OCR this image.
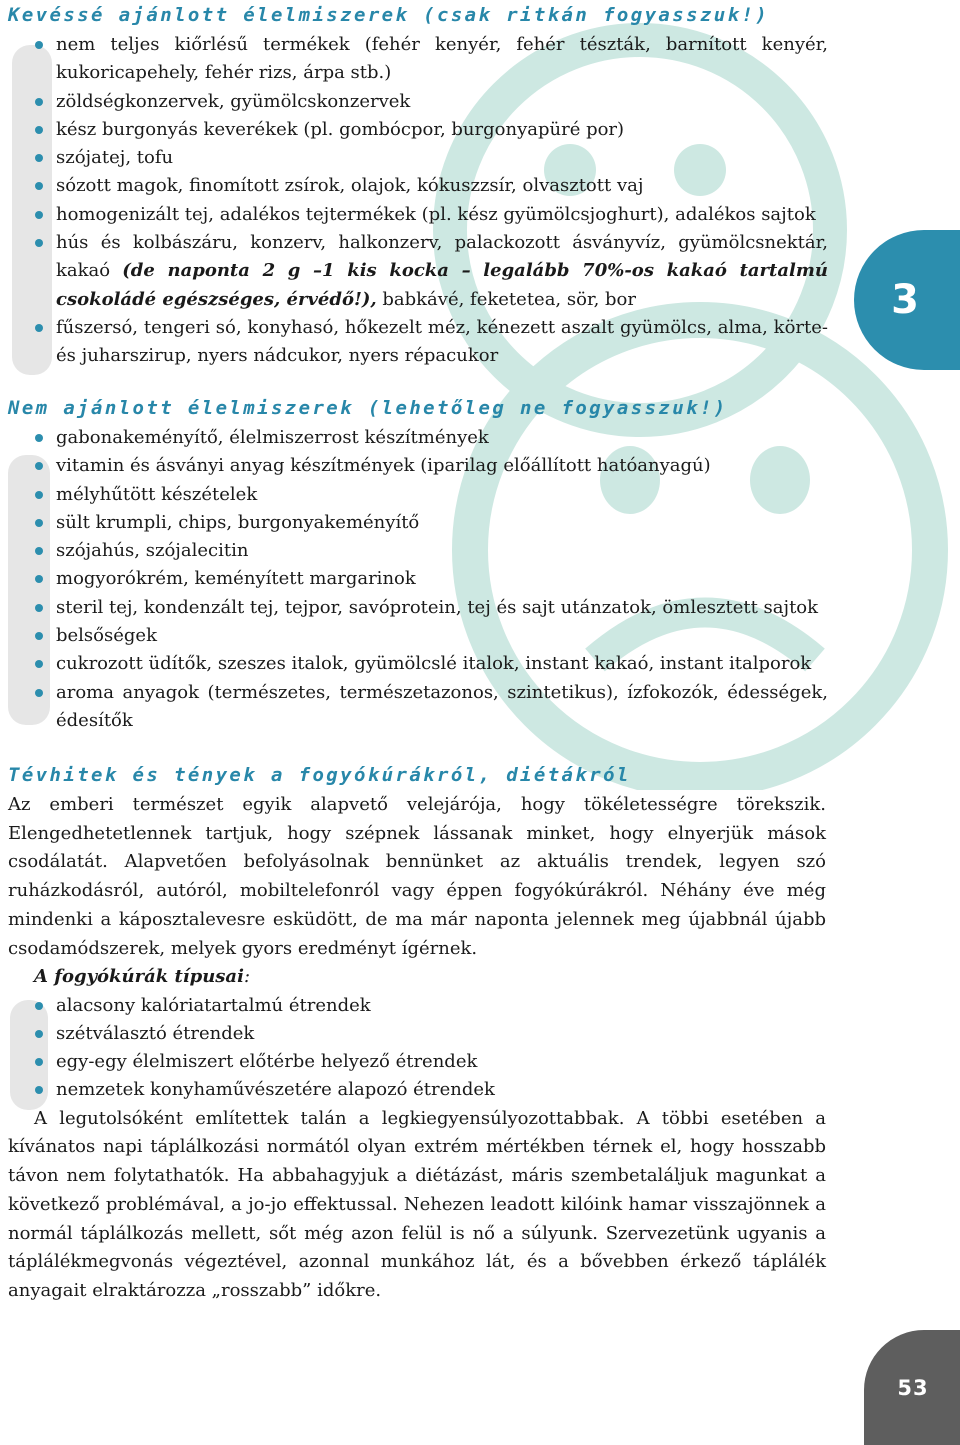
3
Kevéssé ajánlott élelmiszerek (csak ritkán fogyasszuk!)
nem teljes kiőrlésű termékek (fehér kenyér, fehér tészták, barnított kenyér, kukoricapehely, fehér rizs, árpa stb.)
zöldségkonzervek, gyümölcskonzervek
kész burgonyás keverékek (pl. gombócpor, burgonyapüré por)
szójatej, tofu
sózott magok, finomított zsírok, olajok, kókuszzsír, olvasztott vaj
homogenizált tej, adalékos tejtermékek (pl. kész gyümölcsjoghurt), adalékos sajtok
hús és kolbászáru, konzerv, halkonzerv, palackozott ásványvíz, gyümölcsnektár, kakaó (de naponta 2 g –1 kis kocka – legalább 70%-os kakaó tartalmú csokoládé egészséges, érvédő!), babkávé, feketetea, sör, bor
fűszersó, tengeri só, konyhasó, hőkezelt méz, kénezett aszalt gyümölcs, alma, körte- és juharszirup, nyers nádcukor, nyers répacukor
Nem ajánlott élelmiszerek (lehetőleg ne fogyasszuk!)
gabonakeményítő, élelmiszerrost készítmények
vitamin és ásványi anyag készítmények (iparilag előállított hatóanyagú)
mélyhűtött készételek
sült krumpli, chips, burgonyakeményítő
szójahús, szójalecitin
mogyorókrém, keményített margarinok
steril tej, kondenzált tej, tejpor, savóprotein, tej és sajt utánzatok, ömlesztett sajtok
belsőségek
cukrozott üdítők, szeszes italok, gyümölcslé italok, instant kakaó, instant italporok
aroma anyagok (természetes, természetazonos, szintetikus), ízfokozók, édességek, édesítők
Tévhitek és tények a fogyókúrákról, diétákról

Az emberi természet egyik alapvető velejárója, hogy tökéletességre törekszik. Elengedhetetlennek tartjuk, hogy szépnek lássanak minket, hogy elnyerjük mások csodálatát. Alapvetően befolyásolnak bennünket az aktuális trendek, legyen szó ruházkodásról, autóról, mobiltelefonról vagy éppen fogyókúrákról. Néhány éve még mindenki a káposztalevesre esküdött, de ma már naponta jelennek meg újabbnál újabb csodamódszerek, melyek gyors eredményt ígérnek.

A fogyókúrák típusai:

alacsony kalóriatartalmú étrendek
szétválasztó étrendek
egy-egy élelmiszert előtérbe helyező étrendek
nemzetek konyhaművészetére alapozó étrendek

A legutolsóként említettek talán a legkiegyensúlyozottabbak. A többi esetében a kívánatos napi táplálkozási normától olyan extrém mértékben térnek el, hogy hosszabb távon nem folytathatók. Ha abbahagyjuk a diétázást, máris szembetaláljuk magunkat a következő problémával, a jo-jo effektussal. Nehezen leadott kilóink hamar visszajönnek a normál táplálkozás mellett, sőt még azon felül is nő a súlyunk. Szervezetünk ugyanis a táplálékmegvonás végeztével, azonnal munkához lát, és a bővebben érkező táplálék anyagait elraktározza „rosszabb” időkre.

53
